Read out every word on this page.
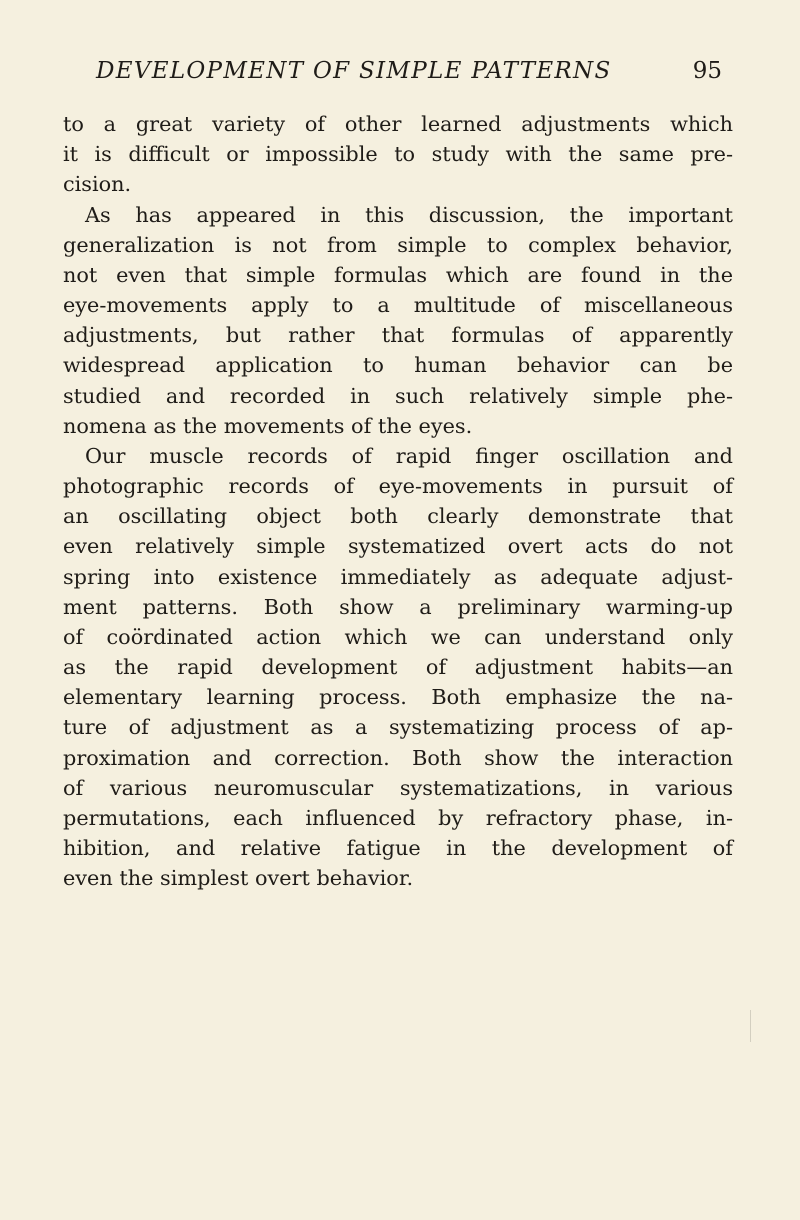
DEVELOPMENT OF SIMPLE PATTERNS	95
to a great variety of other learned adjustments which
it is difficult or impossible to study with the same pre-
cision.
As has appeared in this discussion, the important
generalization is not from simple to complex behavior,
not even that simple formulas which are found in the
eye-movements apply to a multitude of miscellaneous
adjustments, but rather that formulas of apparently
widespread application to human behavior can be
studied and recorded in such relatively simple phe-
nomena as the movements of the eyes.
Our muscle records of rapid finger oscillation and
photographic records of eye-movements in pursuit of
an oscillating object both clearly demonstrate that
even relatively simple systematized overt acts do not
spring into existence immediately as adequate adjust-
ment patterns. Both show a preliminary warming-up
of coördinated action which we can understand only
as the rapid development of adjustment habits—an
elementary learning process. Both emphasize the na-
ture of adjustment as a systematizing process of ap-
proximation and correction. Both show the interaction
of various neuromuscular systematizations, in various
permutations, each influenced by refractory phase, in-
hibition, and relative fatigue in the development of
even the simplest overt behavior.
